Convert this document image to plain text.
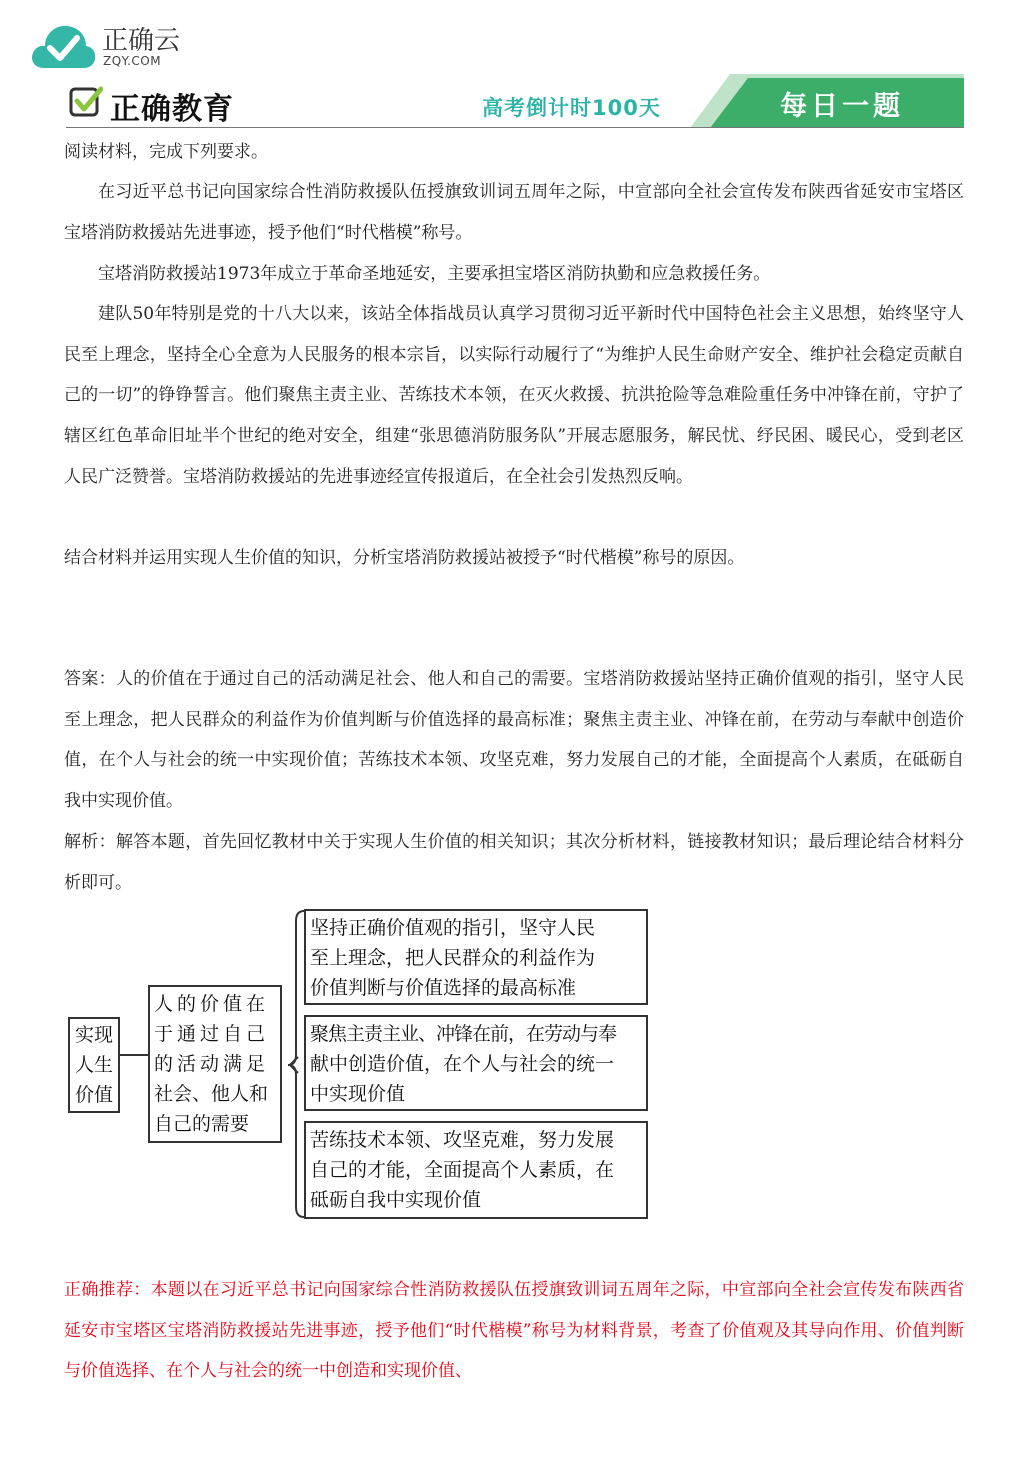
正确云
ZQY.COM
正确教育	高考倒计时100天	每日一题

阅读材料，完成下列要求。

在习近平总书记向国家综合性消防救援队伍授旗致训词五周年之际，中宣部向全社会宣传发布陕西省延安市宝塔区宝塔消防救援站先进事迹，授予他们“时代楷模”称号。

宝塔消防救援站1973年成立于革命圣地延安，主要承担宝塔区消防执勤和应急救援任务。

建队50年特别是党的十八大以来，该站全体指战员认真学习贯彻习近平新时代中国特色社会主义思想，始终坚守人民至上理念，坚持全心全意为人民服务的根本宗旨，以实际行动履行了“为维护人民生命财产安全、维护社会稳定贡献自己的一切”的铮铮誓言。他们聚焦主责主业、苦练技术本领，在灭火救援、抗洪抢险等急难险重任务中冲锋在前，守护了辖区红色革命旧址半个世纪的绝对安全，组建“张思德消防服务队”开展志愿服务，解民忧、纾民困、暖民心，受到老区人民广泛赞誉。宝塔消防救援站的先进事迹经宣传报道后，在全社会引发热烈反响。

结合材料并运用实现人生价值的知识，分析宝塔消防救援站被授予“时代楷模”称号的原因。

答案：人的价值在于通过自己的活动满足社会、他人和自己的需要。宝塔消防救援站坚持正确价值观的指引，坚守人民至上理念，把人民群众的利益作为价值判断与价值选择的最高标准；聚焦主责主业、冲锋在前，在劳动与奉献中创造价值，在个人与社会的统一中实现价值；苦练技术本领、攻坚克难，努力发展自己的才能，全面提高个人素质，在砥砺自我中实现价值。

解析：解答本题，首先回忆教材中关于实现人生价值的相关知识；其次分析材料，链接教材知识；最后理论结合材料分析即可。

实现
人生
价值
人的价值在
于通过自己
的活动满足
社会、他人和
自己的需要
坚持正确价值观的指引，坚守人民
至上理念，把人民群众的利益作为
价值判断与价值选择的最高标准
聚焦主责主业、冲锋在前，在劳动与奉
献中创造价值，在个人与社会的统一
中实现价值
苦练技术本领、攻坚克难，努力发展
自己的才能，全面提高个人素质，在
砥砺自我中实现价值

正确推荐：本题以在习近平总书记向国家综合性消防救援队伍授旗致训词五周年之际，中宣部向全社会宣传发布陕西省延安市宝塔区宝塔消防救援站先进事迹，授予他们“时代楷模”称号为材料背景，考查了价值观及其导向作用、价值判断与价值选择、在个人与社会的统一中创造和实现价值、
